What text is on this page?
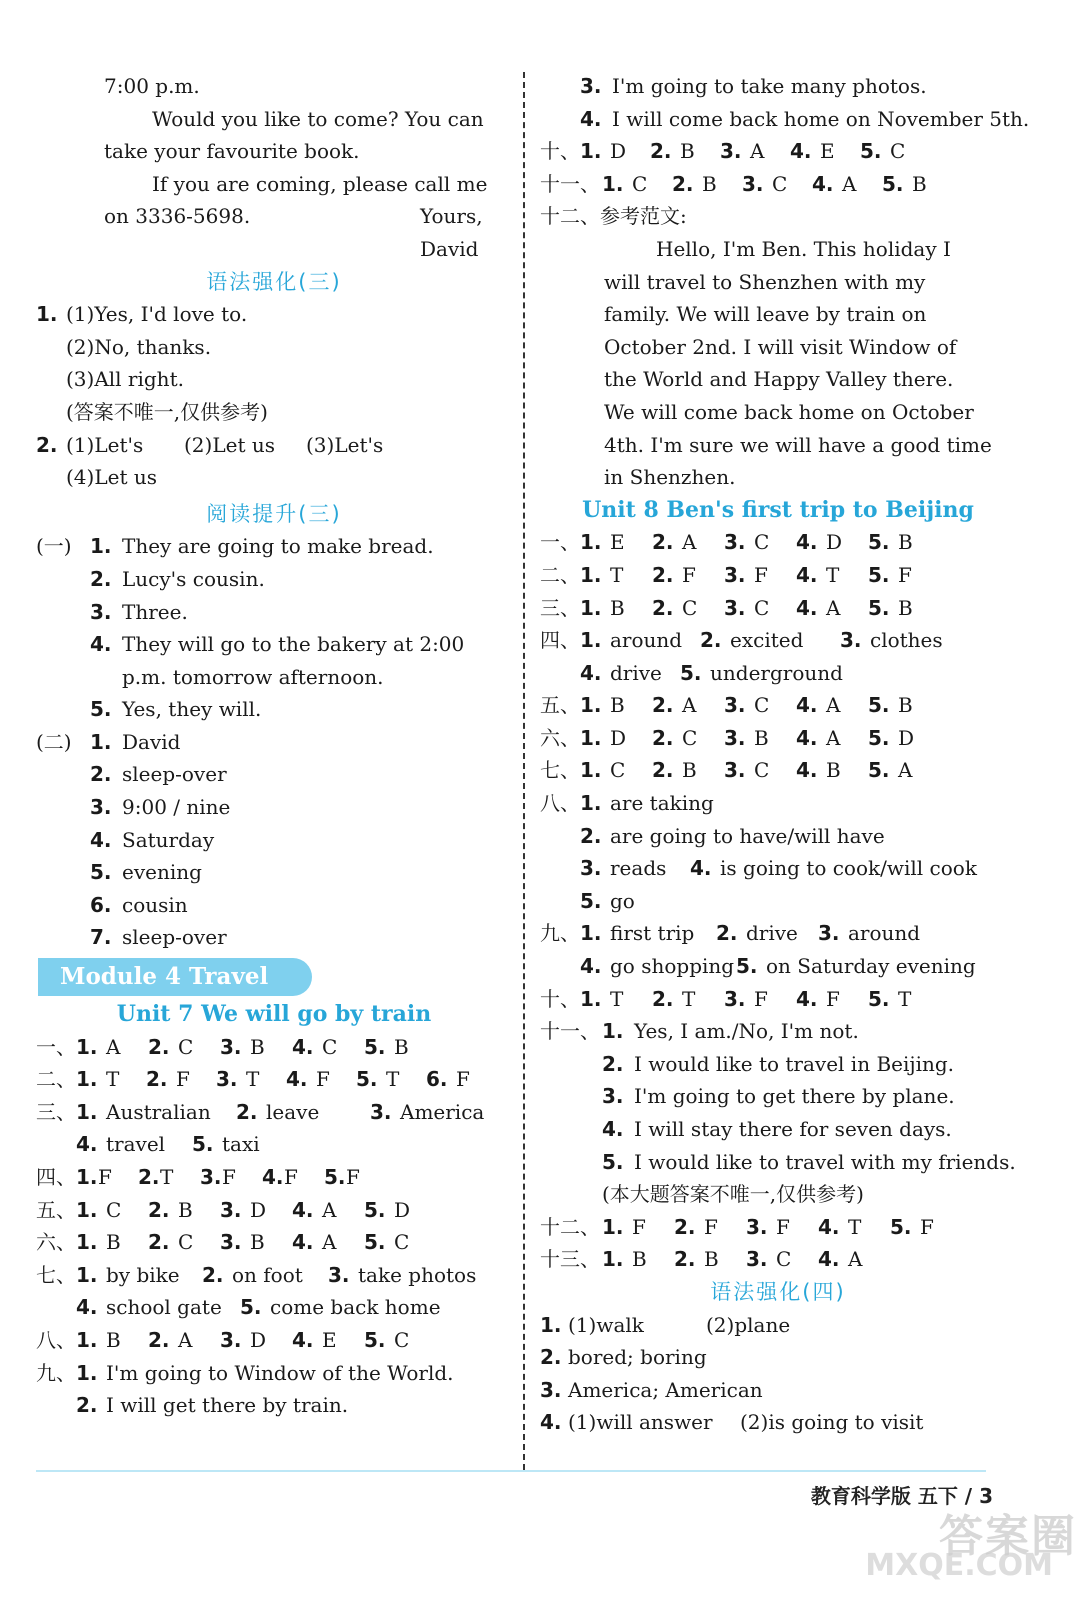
7:00 p.m.
Would you like to come? You can
take your favourite book.
If you are coming, please call me
on 3336-5698.	Yours,
David
语法强化(三)
1. (1)Yes, I'd love to.
(2)No, thanks.
(3)All right.
(答案不唯一,仅供参考)
2. (1)Let's (2)Let us (3)Let's
(4)Let us
阅读提升(三)
(一) 1. They are going to make bread.
2. Lucy's cousin.
3. Three.
4. They will go to the bakery at 2:00
p.m. tomorrow afternoon.
5. Yes, they will.
(二) 1. David
2. sleep-over
3. 9:00 / nine
4. Saturday
5. evening
6. cousin
7. sleep-over
Module 4 Travel
Unit 7 We will go by train
一、 1. A 2. C 3. B 4. C 5. B
二、 1. T 2. F 3. T 4. F 5. T 6. F
三、 1. Australian 2. leave	3. America
4. travel 5. taxi
四、 1. F 2. T 3. F 4. F 5. F
五、 1. C 2. B 3. D 4. A 5. D
六、 1. B 2. C 3. B 4. A 5. C
七、 1. by bike 2. on foot 3. take photos
4. school gate 5. come back home
八、 1. B 2. A 3. D 4. E 5. C
九、 1. I'm going to Window of the World.
2. I will get there by train.
3. I'm going to take many photos.
4. I will come back home on November 5th.
十、 1. D 2. B 3. A 4. E 5. C
十一、 1. C 2. B 3. C 4. A 5. B
十二、参考范文:
Hello, I'm Ben. This holiday I
will travel to Shenzhen with my
family. We will leave by train on
October 2nd. I will visit Window of
the World and Happy Valley there.
We will come back home on October
4th. I'm sure we will have a good time
in Shenzhen.
Unit 8 Ben's first trip to Beijing
一、 1. E 2. A 3. C 4. D 5. B
二、 1. T 2. F 3. F 4. T 5. F
三、 1. B 2. C 3. C 4. A 5. B
四、 1. around 2. excited 3. clothes
4. drive 5. underground
五、 1. B 2. A 3. C 4. A 5. B
六、 1. D 2. C 3. B 4. A 5. D
七、 1. C 2. B 3. C 4. B 5. A
八、 1. are taking
2. are going to have/will have
3. reads 4. is going to cook/will cook
5. go
九、 1. first trip 2. drive 3. around
4. go shopping 5. on Saturday evening
十、 1. T 2. T 3. F 4. F 5. T
十一、 1. Yes, I am./No, I'm not.
2. I would like to travel in Beijing.
3. I'm going to get there by plane.
4. I will stay there for seven days.
5. I would like to travel with my friends.
(本大题答案不唯一,仅供参考)
十二、 1. F 2. F 3. F 4. T 5. F
十三、 1. B 2. B 3. C 4. A
语法强化(四)
1. (1)walk	(2)plane
2. bored; boring
3. America; American
4. (1)will answer (2)is going to visit
教育科学版 五下 / 3
答案圈
MXQE.COM
